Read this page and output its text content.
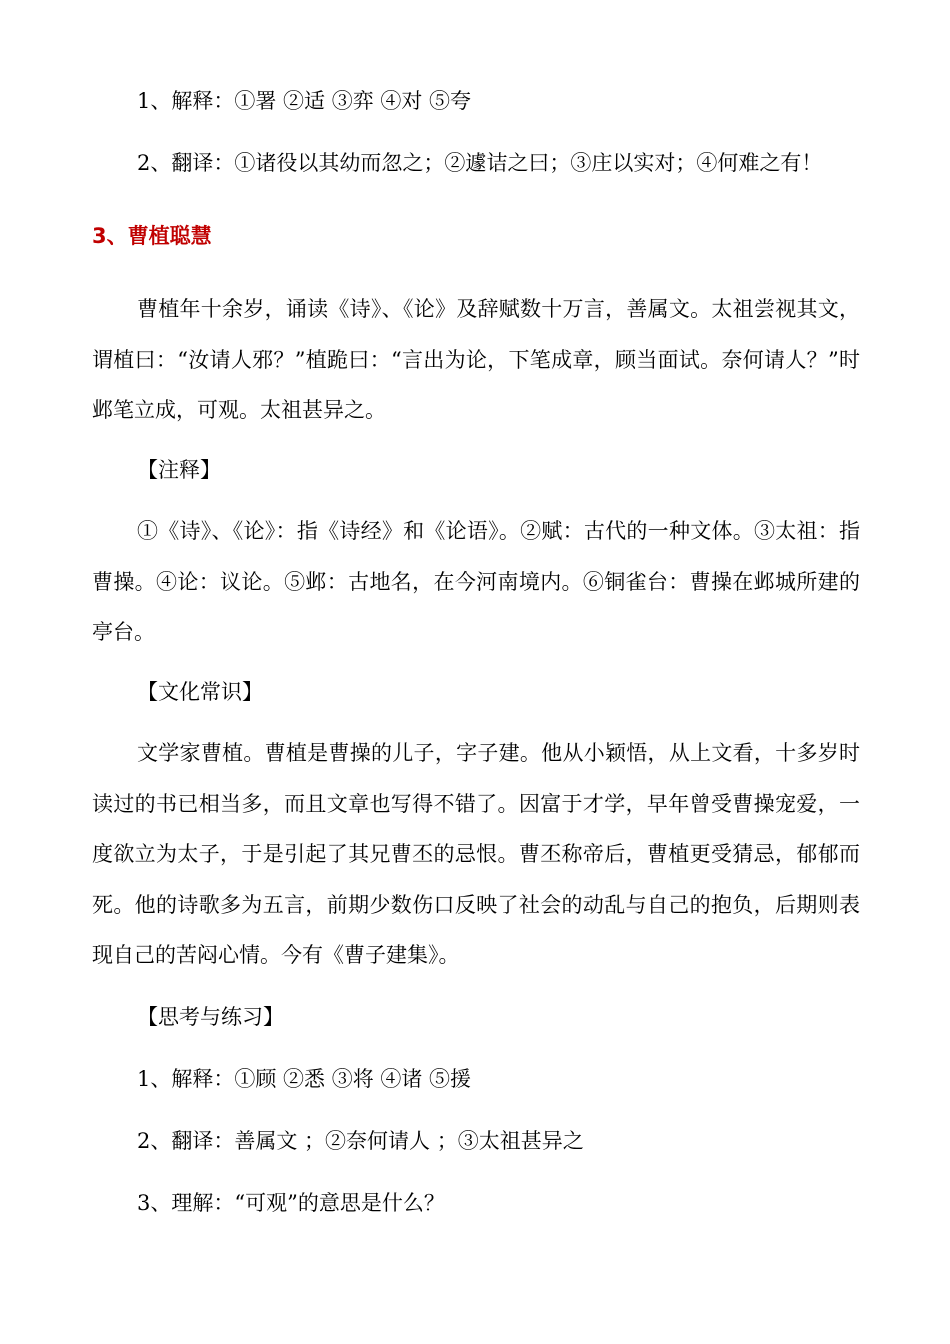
1、解释：①署 ②适 ③弈 ④对 ⑤夸
2、翻译：①诸役以其幼而忽之；②遽诘之曰；③庄以实对；④何难之有！
3、曹植聪慧
曹植年十余岁，诵读《诗》、《论》及辞赋数十万言，善属文。太祖尝视其文，谓植曰：“汝请人邪？”植跪曰：“言出为论，下笔成章，顾当面试。奈何请人？”时邺笔立成，可观。太祖甚异之。
【注释】
①《诗》、《论》：指《诗经》和《论语》。②赋：古代的一种文体。③太祖：指曹操。④论：议论。⑤邺：古地名，在今河南境内。⑥铜雀台：曹操在邺城所建的亭台。
【文化常识】
文学家曹植。曹植是曹操的儿子，字子建。他从小颖悟，从上文看，十多岁时读过的书已相当多，而且文章也写得不错了。因富于才学，早年曾受曹操宠爱，一度欲立为太子，于是引起了其兄曹丕的忌恨。曹丕称帝后，曹植更受猜忌，郁郁而死。他的诗歌多为五言，前期少数伤口反映了社会的动乱与自己的抱负，后期则表现自己的苦闷心情。今有《曹子建集》。
【思考与练习】
1、解释：①顾 ②悉 ③将 ④诸 ⑤援
2、翻译：善属文 ；②奈何请人 ；③太祖甚异之
3、理解：“可观”的意思是什么？
